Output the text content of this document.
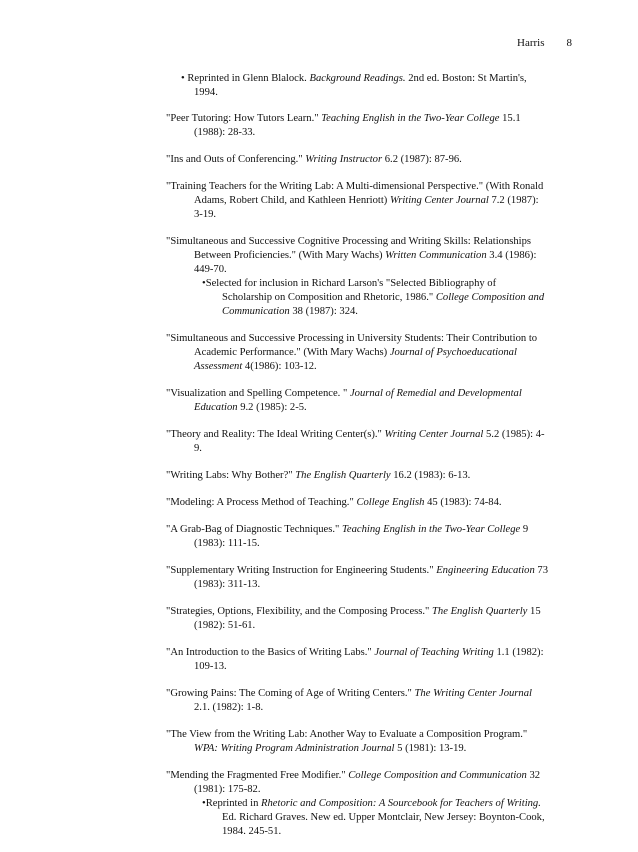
Harris 8
• Reprinted in Glenn Blalock. Background Readings. 2nd ed. Boston: St Martin's, 1994.
"Peer Tutoring: How Tutors Learn." Teaching English in the Two-Year College 15.1 (1988): 28-33.
"Ins and Outs of Conferencing." Writing Instructor 6.2 (1987): 87-96.
"Training Teachers for the Writing Lab: A Multi-dimensional Perspective." (With Ronald Adams, Robert Child, and Kathleen Henriott) Writing Center Journal 7.2 (1987): 3-19.
"Simultaneous and Successive Cognitive Processing and Writing Skills: Relationships Between Proficiencies." (With Mary Wachs) Written Communication 3.4 (1986): 449-70.
•Selected for inclusion in Richard Larson's "Selected Bibliography of Scholarship on Composition and Rhetoric, 1986." College Composition and Communication 38 (1987): 324.
"Simultaneous and Successive Processing in University Students: Their Contribution to Academic Performance." (With Mary Wachs) Journal of Psychoeducational Assessment 4(1986): 103-12.
"Visualization and Spelling Competence. " Journal of Remedial and Developmental Education 9.2 (1985): 2-5.
"Theory and Reality: The Ideal Writing Center(s)." Writing Center Journal 5.2 (1985): 4-9.
"Writing Labs: Why Bother?" The English Quarterly 16.2 (1983): 6-13.
"Modeling: A Process Method of Teaching." College English 45 (1983): 74-84.
"A Grab-Bag of Diagnostic Techniques." Teaching English in the Two-Year College 9 (1983): 111-15.
"Supplementary Writing Instruction for Engineering Students." Engineering Education 73 (1983): 311-13.
"Strategies, Options, Flexibility, and the Composing Process." The English Quarterly 15 (1982): 51-61.
"An Introduction to the Basics of Writing Labs." Journal of Teaching Writing 1.1 (1982): 109-13.
"Growing Pains: The Coming of Age of Writing Centers." The Writing Center Journal 2.1. (1982): 1-8.
"The View from the Writing Lab: Another Way to Evaluate a Composition Program." WPA: Writing Program Administration Journal 5 (1981): 13-19.
"Mending the Fragmented Free Modifier." College Composition and Communication 32 (1981): 175-82.
•Reprinted in Rhetoric and Composition: A Sourcebook for Teachers of Writing. Ed. Richard Graves. New ed. Upper Montclair, New Jersey: Boynton-Cook, 1984. 245-51.
